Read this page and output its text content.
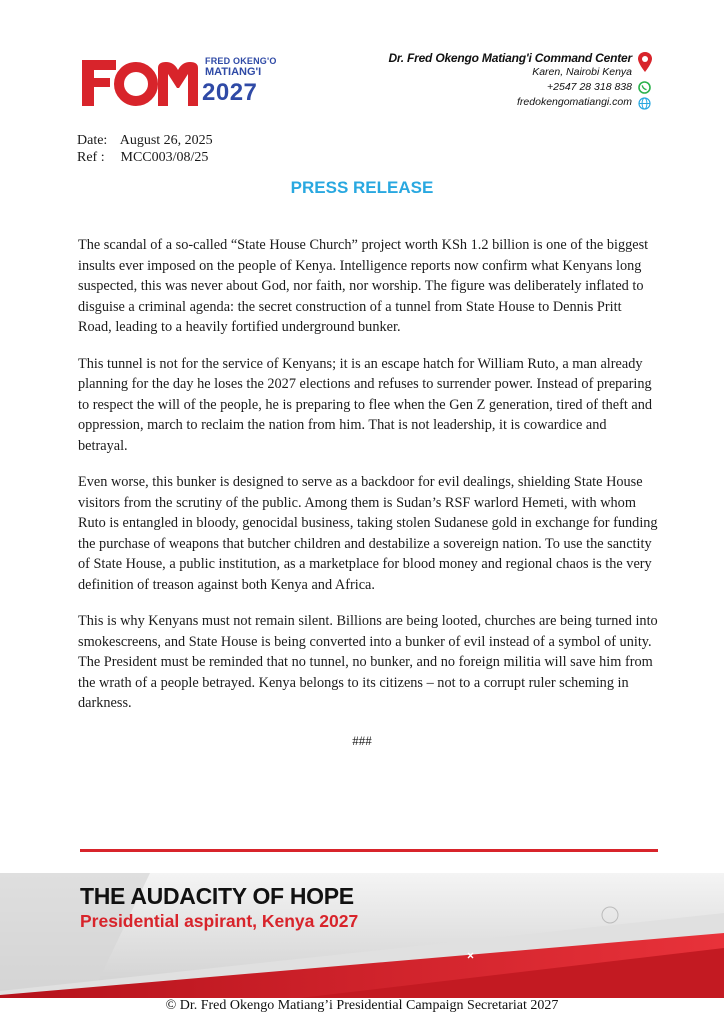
FRED OKENG'O
MATIANG'I
2027
Dr. Fred Okengo Matiang'i Command Center
Karen, Nairobi Kenya
+2547 28 318 838
fredokengomatiangi.com
Date: August 26, 2025
Ref : MCC003/08/25
PRESS RELEASE

The scandal of a so-called “State House Church” project worth KSh 1.2 billion is one of the biggest insults ever imposed on the people of Kenya. Intelligence reports now confirm what Kenyans long suspected, this was never about God, nor faith, nor worship. The figure was deliberately inflated to disguise a criminal agenda: the secret construction of a tunnel from State House to Dennis Pritt Road, leading to a heavily fortified underground bunker.

This tunnel is not for the service of Kenyans; it is an escape hatch for William Ruto, a man already planning for the day he loses the 2027 elections and refuses to surrender power. Instead of preparing to respect the will of the people, he is preparing to flee when the Gen Z generation, tired of theft and oppression, march to reclaim the nation from him. That is not leadership, it is cowardice and betrayal.

Even worse, this bunker is designed to serve as a backdoor for evil dealings, shielding State House visitors from the scrutiny of the public. Among them is Sudan’s RSF warlord Hemeti, with whom Ruto is entangled in bloody, genocidal business, taking stolen Sudanese gold in exchange for funding the purchase of weapons that butcher children and destabilize a sovereign nation. To use the sanctity of State House, a public institution, as a marketplace for blood money and regional chaos is the very definition of treason against both Kenya and Africa.

This is why Kenyans must not remain silent. Billions are being looted, churches are being turned into smokescreens, and State House is being converted into a bunker of evil instead of a symbol of unity. The President must be reminded that no tunnel, no bunker, and no foreign militia will save him from the wrath of a people betrayed. Kenya belongs to its citizens – not to a corrupt ruler scheming in darkness.

###
THE AUDACITY OF HOPE
Presidential aspirant, Kenya 2027
© Dr. Fred Okengo Matiang’i Presidential Campaign Secretariat 2027
